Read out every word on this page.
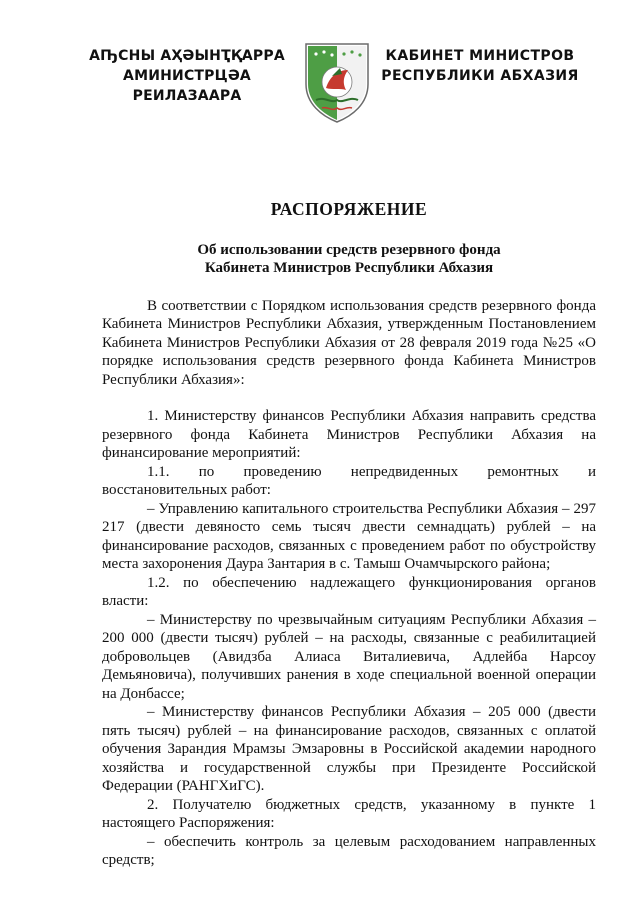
АҦСНЫ АҲӘЫНҬҚАРРА
АМИНИСТРЦӘА РЕИЛАЗААРА
КАБИНЕТ МИНИСТРОВ
РЕСПУБЛИКИ АБХАЗИЯ
РАСПОРЯЖЕНИЕ
Об использовании средств резервного фонда
Кабинета Министров Республики Абхазия

В соответствии с Порядком использования средств резервного фонда Кабинета Министров Республики Абхазия, утвержденным Постановлением Кабинета Министров Республики Абхазия от 28 февраля 2019 года №25 «О порядке использования средств резервного фонда Кабинета Министров Республики Абхазия»:

1. Министерству финансов Республики Абхазия направить средства резервного фонда Кабинета Министров Республики Абхазия на финансирование мероприятий:

1.1. по проведению непредвиденных ремонтных и восстановительных работ:

– Управлению капитального строительства Республики Абхазия – 297 217 (двести девяносто семь тысяч двести семнадцать) рублей – на финансирование расходов, связанных с проведением работ по обустройству места захоронения Даура Зантария в с. Тамыш Очамчырского района;

1.2. по обеспечению надлежащего функционирования органов власти:

– Министерству по чрезвычайным ситуациям Республики Абхазия – 200 000 (двести тысяч) рублей – на расходы, связанные с реабилитацией добровольцев (Авидзба Алиаса Виталиевича, Адлейба Нарсоу Демьяновича), получивших ранения в ходе специальной военной операции на Донбассе;

– Министерству финансов Республики Абхазия – 205 000 (двести пять тысяч) рублей – на финансирование расходов, связанных с оплатой обучения Зарандия Мрамзы Эмзаровны в Российской академии народного хозяйства и государственной службы при Президенте Российской Федерации (РАНГХиГС).

2. Получателю бюджетных средств, указанному в пункте 1 настоящего Распоряжения:

– обеспечить контроль за целевым расходованием направленных средств;
